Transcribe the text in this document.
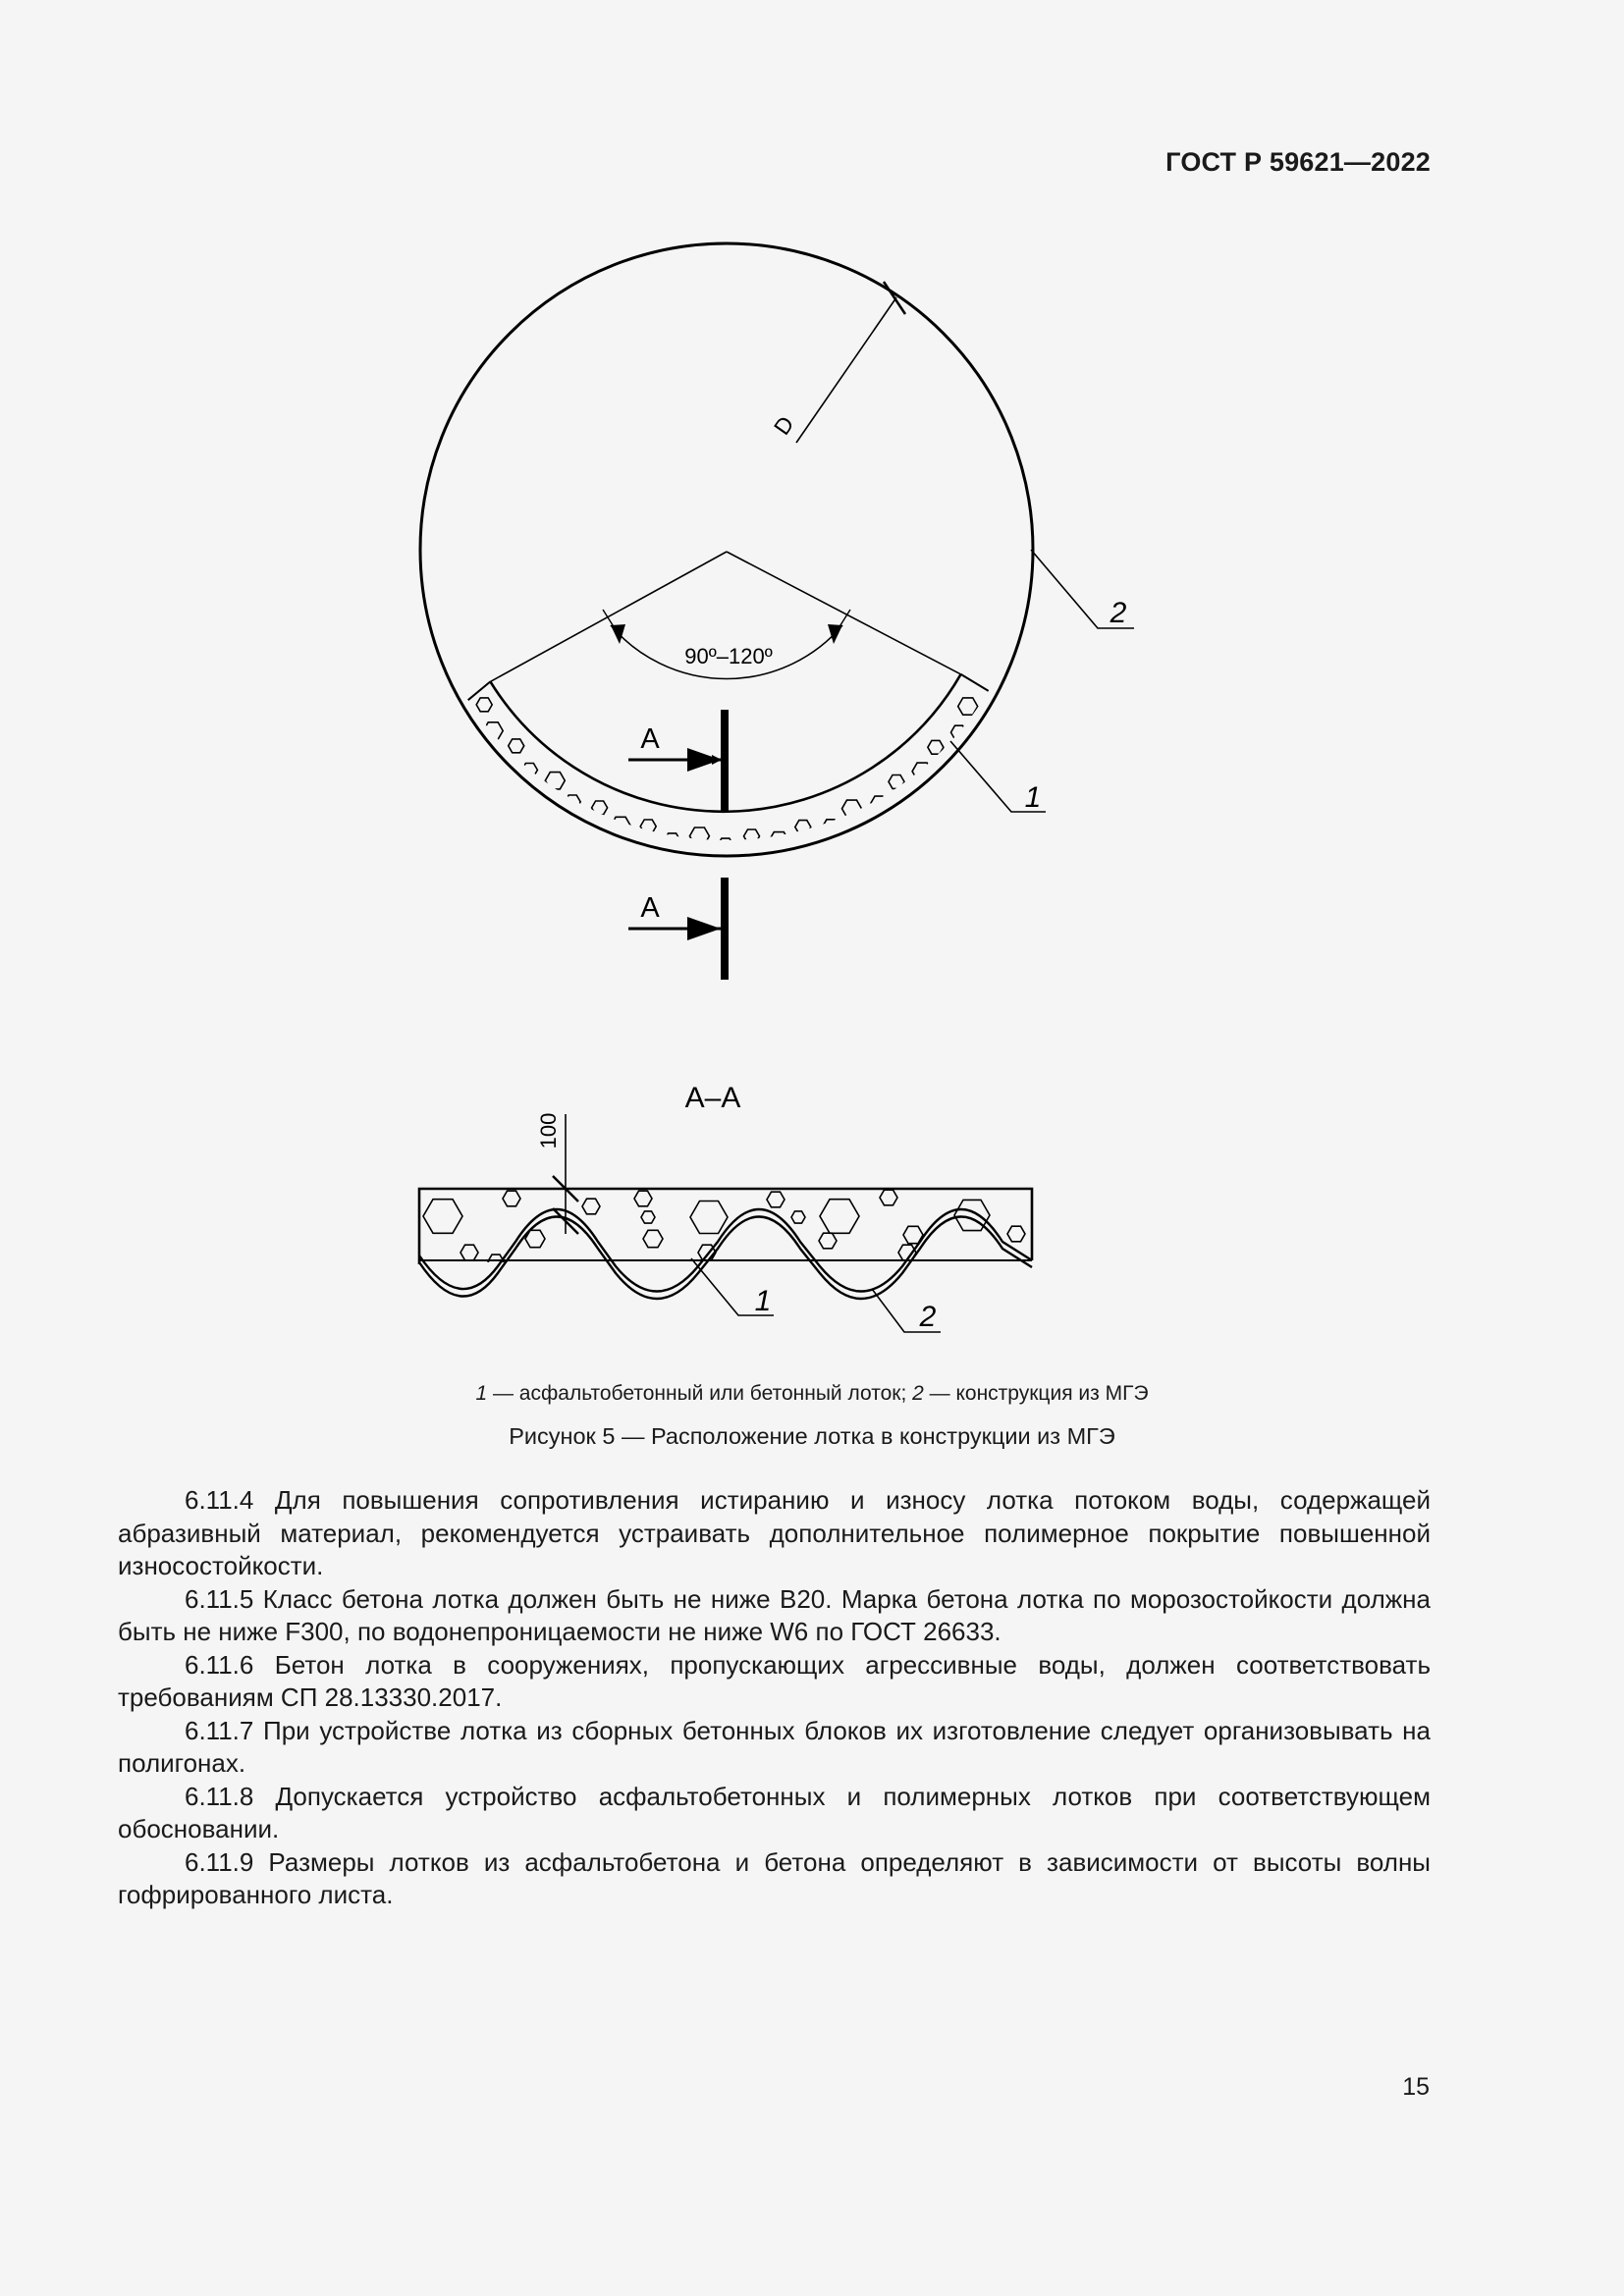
ГОСТ Р 59621—2022
90º–120º
D
2
1
А
А
А–А
100
1	2
1 — асфальтобетонный или бетонный лоток; 2 — конструкция из МГЭ
Рисунок 5 — Расположение лотка в конструкции из МГЭ

6.11.4 Для повышения сопротивления истиранию и износу лотка потоком воды, содержащей абразивный материал, рекомендуется устраивать дополнительное полимерное покрытие повышенной износостойкости.

6.11.5 Класс бетона лотка должен быть не ниже В20. Марка бетона лотка по морозостойкости должна быть не ниже F300, по водонепроницаемости не ниже W6 по ГОСТ 26633.

6.11.6 Бетон лотка в сооружениях, пропускающих агрессивные воды, должен соответствовать требованиям СП 28.13330.2017.

6.11.7 При устройстве лотка из сборных бетонных блоков их изготовление следует организовывать на полигонах.

6.11.8 Допускается устройство асфальтобетонных и полимерных лотков при соответствующем обосновании.

6.11.9 Размеры лотков из асфальтобетона и бетона определяют в зависимости от высоты волны гофрированного листа.

15
